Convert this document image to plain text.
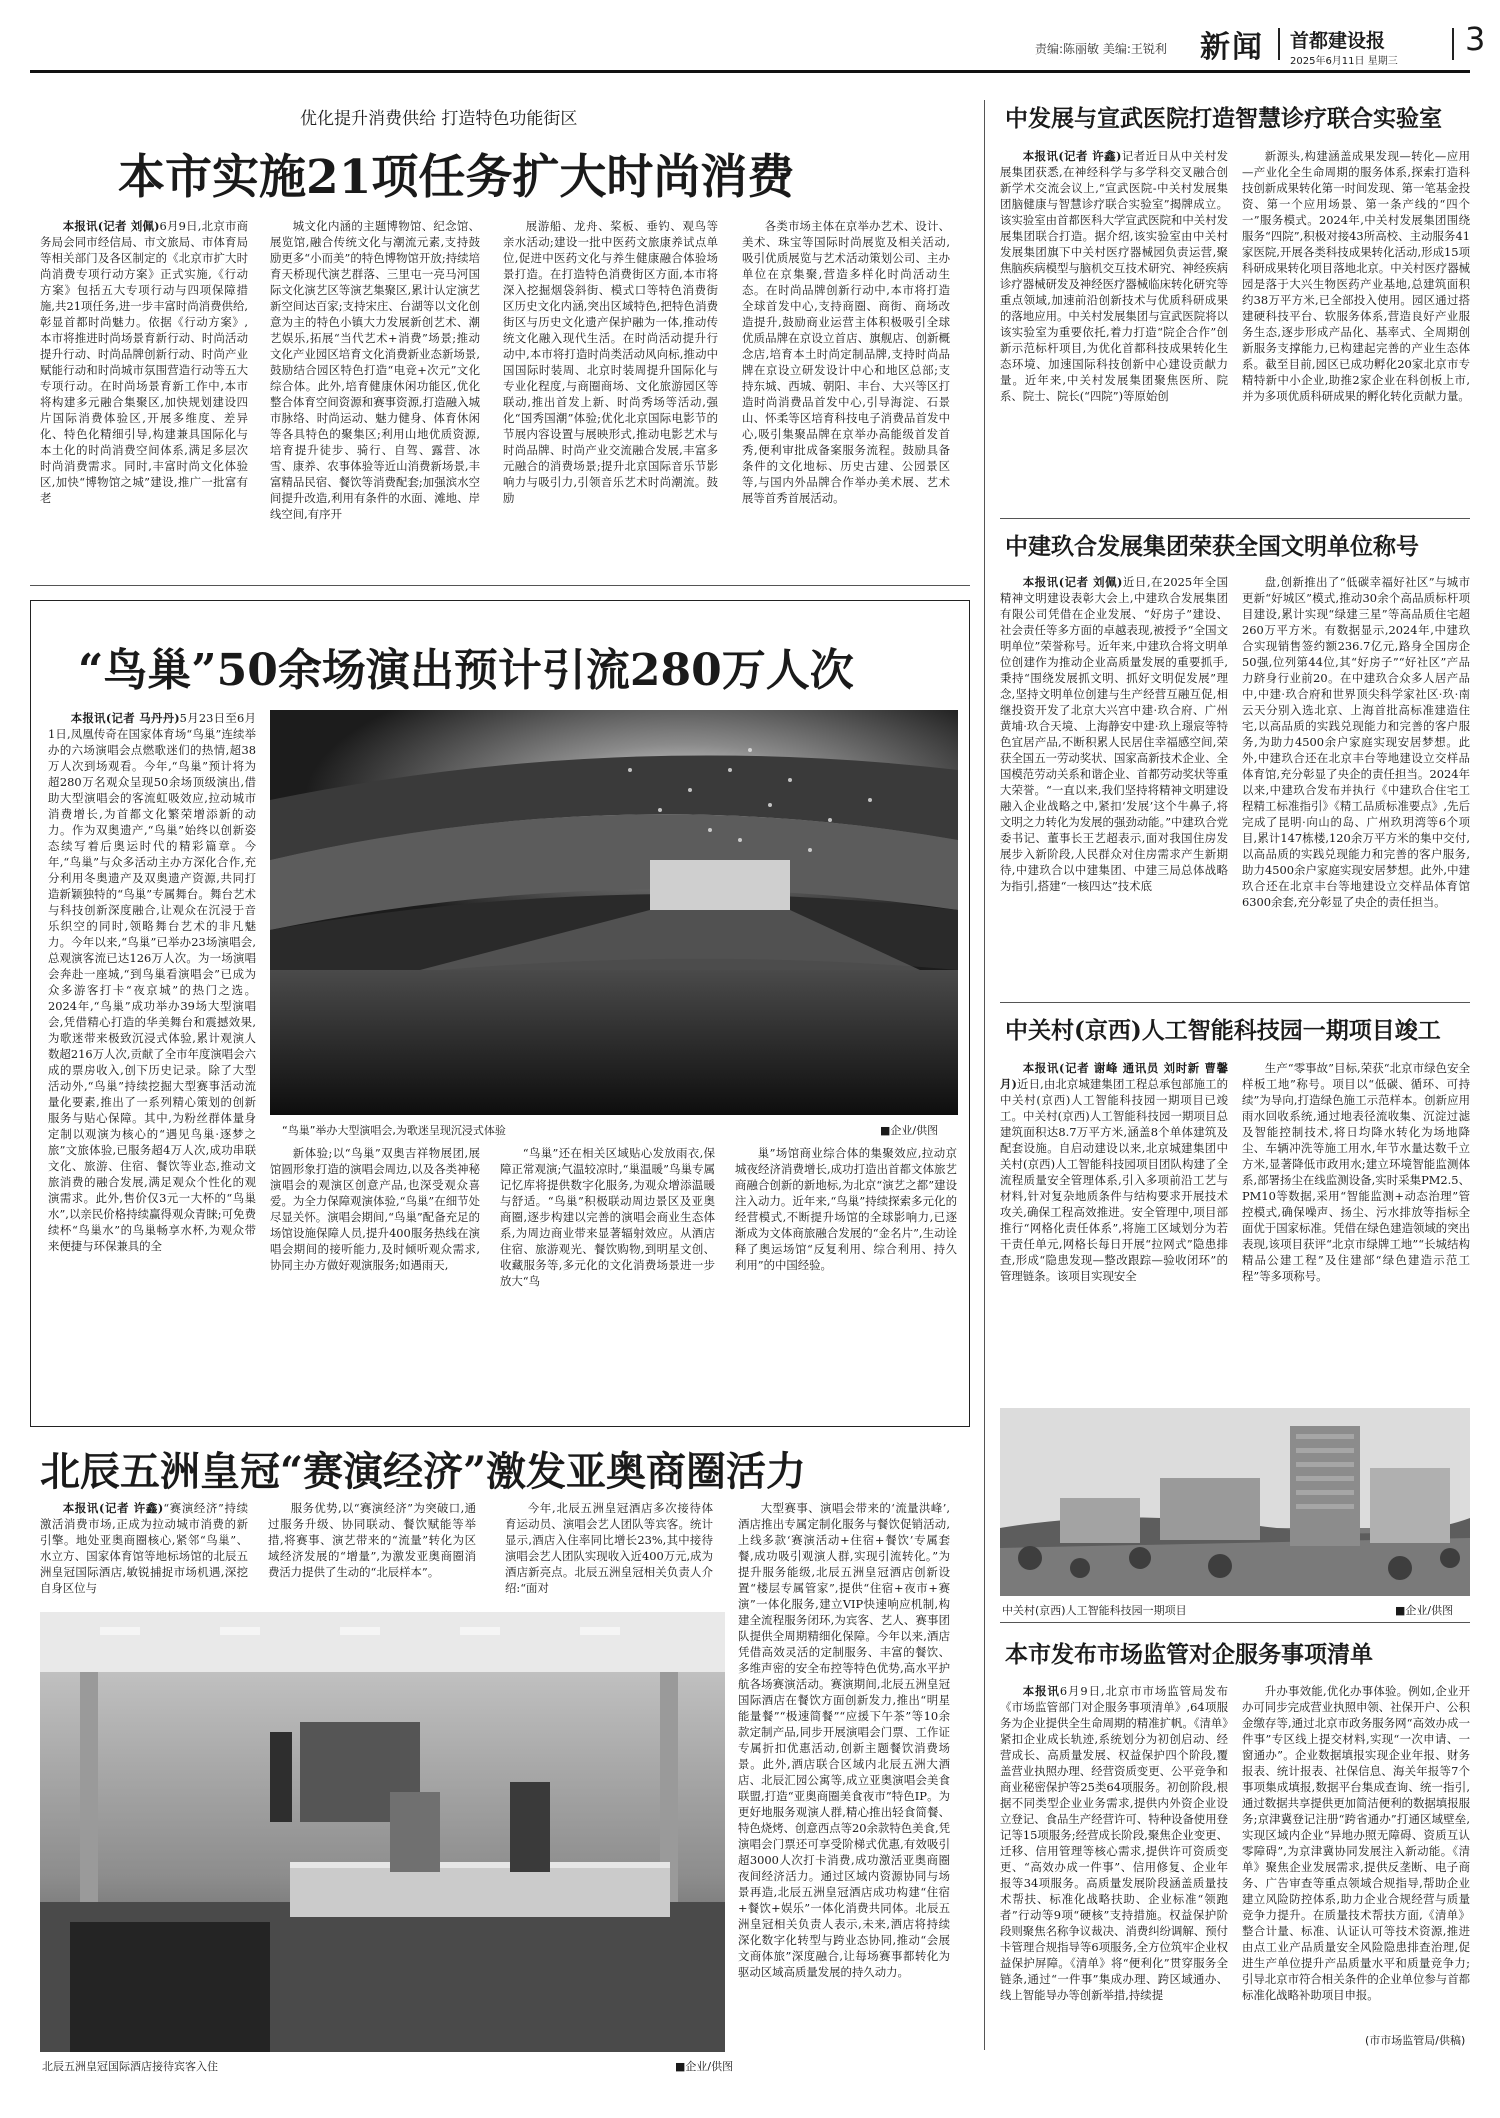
责编:陈丽敏 美编:王锐利 新闻 首都建设报
2025年6月11日 星期三
3
优化提升消费供给 打造特色功能街区
本市实施21项任务扩大时尚消费

本报讯(记者 刘佩)6月9日,北京市商务局会同市经信局、市文旅局、市体育局等相关部门及各区制定的《北京市扩大时尚消费专项行动方案》正式实施,《行动方案》包括五大专项行动与四项保障措施,共21项任务,进一步丰富时尚消费供给,彰显首都时尚魅力。依据《行动方案》,本市将推进时尚场景育新行动、时尚活动提升行动、时尚品牌创新行动、时尚产业赋能行动和时尚城市氛围营造行动等五大专项行动。在时尚场景育新工作中,本市将构建多元融合集聚区,加快规划建设四片国际消费体验区,开展多维度、差异化、特色化精细引导,构建兼具国际化与本土化的时尚消费空间体系,满足多层次时尚消费需求。同时,丰富时尚文化体验区,加快“博物馆之城”建设,推广一批富有老

城文化内涵的主题博物馆、纪念馆、展览馆,融合传统文化与潮流元素,支持鼓励更多“小而美”的特色博物馆开放;持续培育天桥现代演艺群落、三里屯一亮马河国际文化演艺区等演艺集聚区,累计认定演艺新空间达百家;支持宋庄、台湖等以文化创意为主的特色小镇大力发展新创艺术、潮艺娱乐,拓展“当代艺术+消费”场景;推动文化产业园区培育文化消费新业态新场景,鼓励结合园区特色打造“电竞+次元”文化综合体。此外,培育健康休闲功能区,优化整合体育空间资源和赛事资源,打造融入城市脉络、时尚运动、魅力健身、体育休闲等各具特色的聚集区;利用山地优质资源,培育提升徒步、骑行、自驾、露营、冰雪、康养、农事体验等近山消费新场景,丰富精品民宿、餐饮等消费配套;加强滨水空间提升改造,利用有条件的水面、滩地、岸线空间,有序开

展游船、龙舟、桨板、垂钓、观鸟等亲水活动;建设一批中医药文旅康养试点单位,促进中医药文化与养生健康融合体验场景打造。在打造特色消费街区方面,本市将深入挖掘烟袋斜街、模式口等特色消费街区历史文化内涵,突出区域特色,把特色消费街区与历史文化遗产保护融为一体,推动传统文化融入现代生活。在时尚活动提升行动中,本市将打造时尚类活动风向标,推动中国国际时装周、北京时装周提升国际化与专业化程度,与商圈商场、文化旅游园区等联动,推出首发上新、时尚秀场等活动,强化“国秀国潮”体验;优化北京国际电影节的节展内容设置与展映形式,推动电影艺术与时尚品牌、时尚产业交流融合发展,丰富多元融合的消费场景;提升北京国际音乐节影响力与吸引力,引领音乐艺术时尚潮流。鼓励

各类市场主体在京举办艺术、设计、美术、珠宝等国际时尚展览及相关活动,吸引优质展览与艺术活动策划公司、主办单位在京集聚,营造多样化时尚活动生态。在时尚品牌创新行动中,本市将打造全球首发中心,支持商圈、商街、商场改造提升,鼓励商业运营主体积极吸引全球优质品牌在京设立首店、旗舰店、创新概念店,培育本土时尚定制品牌,支持时尚品牌在京设立研发设计中心和地区总部;支持东城、西城、朝阳、丰台、大兴等区打造时尚消费品首发中心,引导海淀、石景山、怀柔等区培育科技电子消费品首发中心,吸引集聚品牌在京举办高能级首发首秀,便利审批成备案服务流程。鼓励具备条件的文化地标、历史古建、公园景区等,与国内外品牌合作举办美术展、艺术展等首秀首展活动。

“鸟巢”50余场演出预计引流280万人次

本报讯(记者 马丹丹)5月23日至6月1日,凤凰传奇在国家体育场“鸟巢”连续举办的六场演唱会点燃歌迷们的热情,超38万人次到场观看。今年,“鸟巢”预计将为超280万名观众呈现50余场顶级演出,借助大型演唱会的客流虹吸效应,拉动城市消费增长,为首都文化繁荣增添新的动力。作为双奥遗产,“鸟巢”始终以创新姿态续写着后奥运时代的精彩篇章。今年,“鸟巢”与众多活动主办方深化合作,充分利用冬奥遗产及双奥遗产资源,共同打造新颖独特的“鸟巢”专属舞台。舞台艺术与科技创新深度融合,让观众在沉浸于音乐织空的同时,领略舞台艺术的非凡魅力。今年以来,“鸟巢”已举办23场演唱会,总观演客流已达126万人次。为一场演唱会奔赴一座城,“到鸟巢看演唱会”已成为众多游客打卡“夜京城”的热门之选。2024年,“鸟巢”成功举办39场大型演唱会,凭借精心打造的华美舞台和震撼效果,为歌迷带来极致沉浸式体验,累计观演人数超216万人次,贡献了全市年度演唱会六成的票房收入,创下历史记录。除了大型活动外,“鸟巢”持续挖掘大型赛事活动流量化要素,推出了一系列精心策划的创新服务与贴心保障。其中,为粉丝群体量身定制以观演为核心的“遇见鸟巢·逐梦之旅”文旅体验,已服务超4万人次,成功串联文化、旅游、住宿、餐饮等业态,推动文旅消费的融合发展,满足观众个性化的观演需求。此外,售价仅3元一大杯的“鸟巢水”,以亲民价格持续赢得观众青睐;可免费续杯“鸟巢水”的鸟巢畅享水杯,为观众带来便捷与环保兼具的全

“鸟巢”举办大型演唱会,为歌迷呈现沉浸式体验	■企业/供图

新体验;以“鸟巢”双奥吉祥物展团,展馆圆形象打造的演唱会周边,以及各类神秘演唱会的观演区创意产品,也深受观众喜爱。为全力保障观演体验,“鸟巢”在细节处尽显关怀。演唱会期间,“鸟巢”配备充足的场馆设施保障人员,提升400服务热线在演唱会期间的接听能力,及时倾听观众需求,协同主办方做好观演服务;如遇雨天,

“鸟巢”还在相关区域贴心发放雨衣,保障正常观演;气温较凉时,“巢温暖”鸟巢专属记忆库将提供数字化服务,为观众增添温暖与舒适。“鸟巢”积极联动周边景区及亚奥商圈,逐步构建以完善的演唱会商业生态体系,为周边商业带来显著辐射效应。从酒店住宿、旅游观光、餐饮购物,到明星文创、收藏服务等,多元化的文化消费场景进一步放大“鸟

巢”场馆商业综合体的集聚效应,拉动京城夜经济消费增长,成功打造出首都文体旅艺商融合创新的新地标,为北京“演艺之都”建设注入动力。近年来,“鸟巢”持续探索多元化的经营模式,不断提升场馆的全球影响力,已逐渐成为文体商旅融合发展的“金名片”,生动诠释了奥运场馆“反复利用、综合利用、持久利用”的中国经验。

北辰五洲皇冠“赛演经济”激发亚奥商圈活力

本报讯(记者 许鑫)“赛演经济”持续激活消费市场,正成为拉动城市消费的新引擎。地处亚奥商圈核心,紧邻“鸟巢”、水立方、国家体育馆等地标场馆的北辰五洲皇冠国际酒店,敏锐捕捉市场机遇,深挖自身区位与

服务优势,以“赛演经济”为突破口,通过服务升级、协同联动、餐饮赋能等举措,将赛事、演艺带来的“流量”转化为区域经济发展的“增量”,为激发亚奥商圈消费活力提供了生动的“北辰样本”。

今年,北辰五洲皇冠酒店多次接待体育运动员、演唱会艺人团队等宾客。统计显示,酒店入住率同比增长23%,其中接待演唱会艺人团队实现收入近400万元,成为酒店新亮点。北辰五洲皇冠相关负责人介绍:“面对

大型赛事、演唱会带来的‘流量洪峰’,酒店推出专属定制化服务与餐饮促销活动,上线多款‘赛演活动+住宿+餐饮’专属套餐,成功吸引观演人群,实现引流转化。”为提升服务能级,北辰五洲皇冠酒店创新设置“楼层专属管家”,提供“住宿+夜市+赛演”一体化服务,建立VIP快速响应机制,构建全流程服务闭环,为宾客、艺人、赛事团队提供全周期精细化保障。今年以来,酒店凭借高效灵活的定制服务、丰富的餐饮、多维声密的安全布控等特色优势,高水平护航各场赛演活动。赛演期间,北辰五洲皇冠国际酒店在餐饮方面创新发力,推出“明星能量餐”“极速简餐”“应援下午茶”等10余款定制产品,同步开展演唱会门票、工作证专属折扣优惠活动,创新主题餐饮消费场景。此外,酒店联合区域内北辰五洲大酒店、北辰汇园公寓等,成立亚奥演唱会美食联盟,打造“亚奥商圈美食夜市”特色IP。为更好地服务观演人群,精心推出轻食简餐、特色烧烤、创意西点等20余款特色美食,凭演唱会门票还可享受阶梯式优惠,有效吸引超3000人次打卡消费,成功激活亚奥商圈夜间经济活力。通过区域内资源协同与场景再造,北辰五洲皇冠酒店成功构建“住宿+餐饮+娱乐”一体化消费共同体。北辰五洲皇冠相关负责人表示,未来,酒店将持续深化数字化转型与跨业态协同,推动“会展文商体旅”深度融合,让每场赛事都转化为驱动区域高质量发展的持久动力。

北辰五洲皇冠国际酒店接待宾客入住	■企业/供图
中发展与宣武医院打造智慧诊疗联合实验室

本报讯(记者 许鑫)记者近日从中关村发展集团获悉,在神经科学与多学科交叉融合创新学术交流会议上,“宣武医院-中关村发展集团脑健康与智慧诊疗联合实验室”揭牌成立。该实验室由首都医科大学宣武医院和中关村发展集团联合打造。据介绍,该实验室由中关村发展集团旗下中关村医疗器械园负责运营,聚焦脑疾病模型与脑机交互技术研究、神经疾病诊疗器械研发及神经医疗器械临床转化研究等重点领域,加速前沿创新技术与优质科研成果的落地应用。中关村发展集团与宣武医院将以该实验室为重要依托,着力打造“院企合作”创新示范标杆项目,为优化首都科技成果转化生态环境、加速国际科技创新中心建设贡献力量。近年来,中关村发展集团聚焦医所、院系、院士、院长(“四院”)等原始创

新源头,构建涵盖成果发现—转化—应用—产业化全生命周期的服务体系,探索打造科技创新成果转化第一时间发现、第一笔基金投资、第一个应用场景、第一条产线的“四个一”服务模式。2024年,中关村发展集团围绕服务“四院”,积极对接43所高校、主动服务41家医院,开展各类科技成果转化活动,形成15项科研成果转化项目落地北京。中关村医疗器械园是落于大兴生物医药产业基地,总建筑面积约38万平方米,已全部投入使用。园区通过搭建硬科技平台、软服务体系,营造良好产业服务生态,逐步形成产品化、基率式、全周期创新服务支撑能力,已构建起完善的产业生态体系。截至目前,园区已成功孵化20家北京市专精特新中小企业,助推2家企业在科创板上市,并为多项优质科研成果的孵化转化贡献力量。

中建玖合发展集团荣获全国文明单位称号

本报讯(记者 刘佩)近日,在2025年全国精神文明建设表彰大会上,中建玖合发展集团有限公司凭借在企业发展、“好房子”建设、社会责任等多方面的卓越表现,被授予“全国文明单位”荣誉称号。近年来,中建玖合将文明单位创建作为推动企业高质量发展的重要抓手,秉持“围绕发展抓文明、抓好文明促发展”理念,坚持文明单位创建与生产经营互融互促,相继投资开发了北京大兴宫中建·玖合府、广州黄埔·玖合天境、上海静安中建·玖上璟宸等特色宜居产品,不断积累人民居住幸福感空间,荣获全国五一劳动奖状、国家高新技术企业、全国模范劳动关系和谐企业、首都劳动奖状等重大荣誉。“一直以来,我们坚持将精神文明建设融入企业战略之中,紧扣‘发展’这个牛鼻子,将文明之力转化为发展的强劲动能。”中建玖合党委书记、董事长王艺超表示,面对我国住房发展步入新阶段,人民群众对住房需求产生新期待,中建玖合以中建集团、中建三局总体战略为指引,搭建“一核四达”技术底

盘,创新推出了“低碳幸福好社区”与城市更新“好城区”模式,推动30余个高品质标杆项目建设,累计实现“绿建三星”等高品质住宅超260万平方米。有数据显示,2024年,中建玖合实现销售签约额236.7亿元,路身全国房企50强,位列第44位,其“好房子”“好社区”产品力跻身行业前20。在中建玖合众多人居产品中,中建·玖合府和世界顶尖科学家社区·玖·南云天分别入选北京、上海首批高标准建造住宅,以高品质的实践兑现能力和完善的客户服务,为助力4500余户家庭实现安居梦想。此外,中建玖合还在北京丰台等地建设立交样品体育馆,充分彰显了央企的责任担当。2024年以来,中建玖合发布并执行《中建玖合住宅工程精工标准指引》《精工品质标准要点》,先后完成了昆明·向山的岛、广州玖玥湾等6个项目,累计147栋楼,120余万平方米的集中交付,以高品质的实践兑现能力和完善的客户服务,助力4500余户家庭实现安居梦想。此外,中建玖合还在北京丰台等地建设立交样品体育馆6300余套,充分彰显了央企的责任担当。

中关村(京西)人工智能科技园一期项目竣工

本报讯(记者 谢峰 通讯员 刘时新 曹馨月)近日,由北京城建集团工程总承包部施工的中关村(京西)人工智能科技园一期项目已竣工。中关村(京西)人工智能科技园一期项目总建筑面积达8.7万平方米,涵盖8个单体建筑及配套设施。自启动建设以来,北京城建集团中关村(京西)人工智能科技园项目团队构建了全流程质量安全管理体系,引入多项前沿工艺与材料,针对复杂地质条件与结构要求开展技术攻关,确保工程高效推进。安全管理中,项目部推行“网格化责任体系”,将施工区域划分为若干责任单元,网格长每日开展“拉网式”隐患排查,形成“隐患发现—整改跟踪—验收闭环”的管理链条。该项目实现安全

生产“零事故”目标,荣获“北京市绿色安全样板工地”称号。项目以“低碳、循环、可持续”为导向,打造绿色施工示范样本。创新应用雨水回收系统,通过地表径流收集、沉淀过滤及智能控制技术,将日均降水转化为场地降尘、车辆冲洗等施工用水,年节水量达数千立方米,显著降低市政用水;建立环境智能监测体系,部署扬尘在线监测设备,实时采集PM2.5、PM10等数据,采用“智能监测+动态治理”管控模式,确保噪声、扬尘、污水排放等指标全面优于国家标准。凭借在绿色建造领域的突出表现,该项目获评“北京市绿牌工地”“长城结构精品公建工程”及住建部“绿色建造示范工程”等多项称号。

中关村(京西)人工智能科技园一期项目	■企业/供图
本市发布市场监管对企服务事项清单

本报讯6月9日,北京市市场监管局发布《市场监管部门对企服务事项清单》,64项服务为企业提供全生命周期的精准扩帆。《清单》紧扣企业成长轨迹,系统划分为初创启动、经营成长、高质量发展、权益保护四个阶段,覆盖营业执照办理、经营资质变更、公平竞争和商业秘密保护等25类64项服务。初创阶段,根据不同类型企业业务需求,提供内外资企业设立登记、食品生产经营许可、特种设备使用登记等15项服务;经营成长阶段,聚焦企业变更、迁移、信用管理等核心需求,提供许可资质变更、“高效办成一件事”、信用修复、企业年报等34项服务。高质量发展阶段涵盖质量技术帮扶、标准化战略扶助、企业标准“领跑者”行动等9项“硬核”支持措施。权益保护阶段则聚焦名称争议裁决、消费纠纷调解、预付卡管理合规指导等6项服务,全方位筑牢企业权益保护屏障。《清单》将“便利化”贯穿服务全链条,通过“一件事”集成办理、跨区域通办、线上智能导办等创新举措,持续提

升办事效能,优化办事体验。例如,企业开办可同步完成营业执照申领、社保开户、公积金缴存等,通过北京市政务服务网“高效办成一件事”专区线上提交材料,实现“一次申请、一窗通办”。企业数据填报实现企业年报、财务报表、统计报表、社保信息、海关年报等7个事项集成填报,数据平台集成查询、统一指引,通过数据共享提供更加简洁便利的数据填报服务;京津冀登记注册“跨省通办”打通区域壁垒,实现区域内企业“异地办照无障碍、资质互认零障碍”,为京津冀协同发展注入新动能。《清单》聚焦企业发展需求,提供反垄断、电子商务、广告审查等重点领域合规指导,帮助企业建立风险防控体系,助力企业合规经营与质量竞争力提升。在质量技术帮扶方面,《清单》整合计量、标准、认证认可等技术资源,推进由点工业产品质量安全风险隐患排查治理,促进生产单位提升产品质量水平和质量竞争力;引导北京市符合相关条件的企业单位参与首都标准化战略补助项目申报。

(市市场监管局/供稿)
